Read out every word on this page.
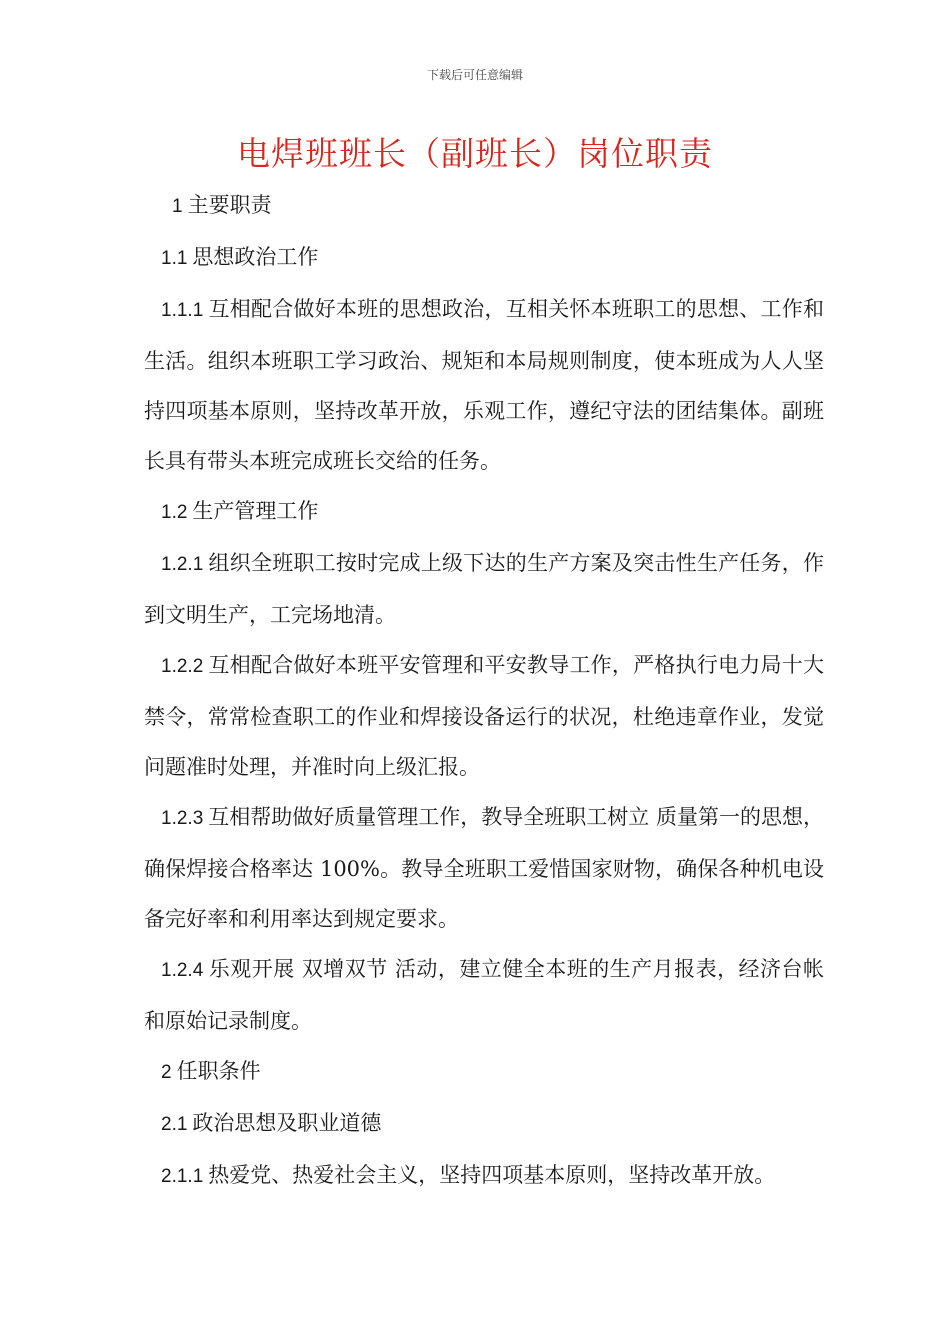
下载后可任意编辑
电焊班班长（副班长）岗位职责

1 主要职责

1.1 思想政治工作

1.1.1 互相配合做好本班的思想政治，互相关怀本班职工的思想、工作和生活。组织本班职工学习政治、规矩和本局规则制度，使本班成为人人坚持四项基本原则，坚持改革开放，乐观工作，遵纪守法的团结集体。副班长具有带头本班完成班长交给的任务。

1.2 生产管理工作

1.2.1 组织全班职工按时完成上级下达的生产方案及突击性生产任务，作到文明生产，工完场地清。

1.2.2 互相配合做好本班平安管理和平安教导工作，严格执行电力局十大禁令，常常检查职工的作业和焊接设备运行的状况，杜绝违章作业，发觉问题准时处理，并准时向上级汇报。

1.2.3 互相帮助做好质量管理工作，教导全班职工树立 质量第一的思想，确保焊接合格率达 100%。教导全班职工爱惜国家财物，确保各种机电设备完好率和利用率达到规定要求。

1.2.4 乐观开展 双增双节 活动，建立健全本班的生产月报表，经济台帐和原始记录制度。

2 任职条件

2.1 政治思想及职业道德

2.1.1 热爱党、热爱社会主义，坚持四项基本原则，坚持改革开放。
